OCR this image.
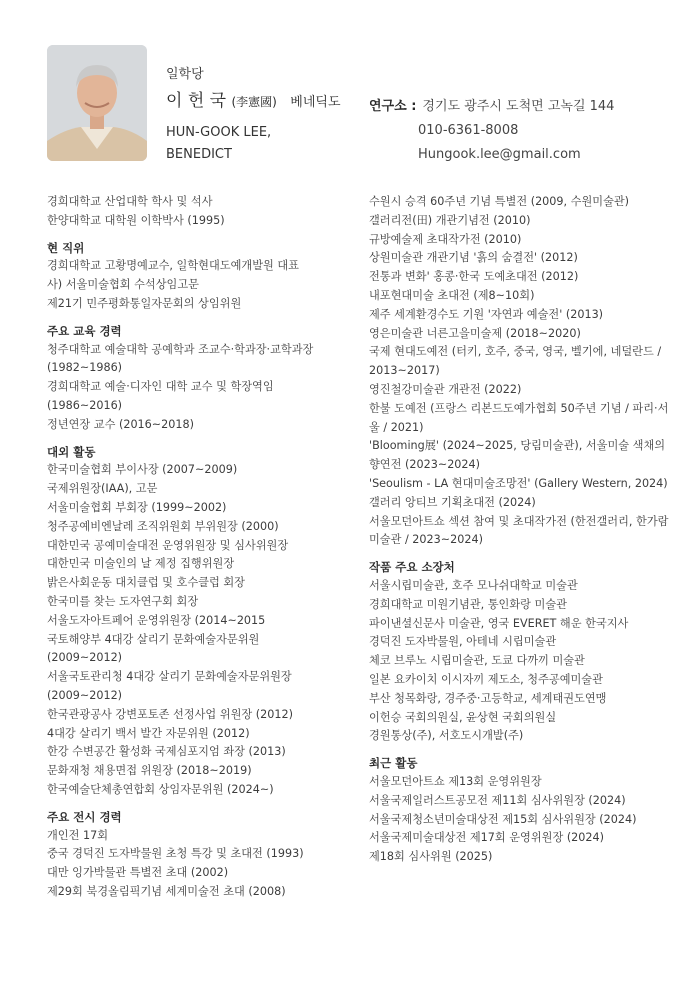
일학당
이 헌 국 (李憲國) 베네딕도
HUN-GOOK LEE,
BENEDICT
연구소 : 경기도 광주시 도척면 고녹길 144
010-6361-8008
Hungook.lee@gmail.com
경희대학교 산업대학 학사 및 석사
한양대학교 대학원 이학박사 (1995)
현 직위
경희대학교 고황명예교수, 일학현대도예개발원 대표
사) 서울미술협회 수석상임고문
제21기 민주평화통일자문회의 상임위원
주요 교육 경력
청주대학교 예술대학 공예학과 조교수·학과장·교학과장
(1982~1986)
경희대학교 예술·디자인 대학 교수 및 학장역임
(1986~2016)
정년연장 교수 (2016~2018)
대외 활동
한국미술협회 부이사장 (2007~2009)
국제위원장(IAA), 고문
서울미술협회 부회장 (1999~2002)
청주공예비엔날레 조직위원회 부위원장 (2000)
대한민국 공예미술대전 운영위원장 및 심사위원장
대한민국 미술인의 날 제정 집행위원장
밝은사회운동 대치클럽 및 호수클럽 회장
한국미를 찾는 도자연구회 회장
서울도자아트페어 운영위원장 (2014~2015
국토해양부 4대강 살리기 문화예술자문위원
(2009~2012)
서울국토관리청 4대강 살리기 문화예술자문위원장
(2009~2012)
한국관광공사 강변포토존 선정사업 위원장 (2012)
4대강 살리기 백서 발간 자문위원 (2012)
한강 수변공간 활성화 국제심포지엄 좌장 (2013)
문화재청 채용면접 위원장 (2018~2019)
한국예술단체총연합회 상임자문위원 (2024~)
주요 전시 경력
개인전 17회
중국 경덕진 도자박물원 초청 특강 및 초대전 (1993)
대만 잉가박물관 특별전 초대 (2002)
제29회 북경올림픽기념 세계미술전 초대 (2008)
수원시 승격 60주년 기념 특별전 (2009, 수원미술관)
갤러리전(田) 개관기념전 (2010)
규방예술제 초대작가전 (2010)
상원미술관 개관기념 '흙의 숨결전' (2012)
전통과 변화' 홍콩·한국 도예초대전 (2012)
내포현대미술 초대전 (제8~10회)
제주 세계환경수도 기원 '자연과 예술전' (2013)
영은미술관 너른고을미술제 (2018~2020)
국제 현대도예전 (터키, 호주, 중국, 영국, 벨기에, 네덜란드 / 2013~2017)
영진철강미술관 개관전 (2022)
한불 도예전 (프랑스 리본드도예가협회 50주년 기념 / 파리·서울 / 2021)
'Blooming展' (2024~2025, 당림미술관), 서울미술 색채의 향연전 (2023~2024)
'Seoulism - LA 현대미술조망전' (Gallery Western, 2024)
갤러리 앙티브 기획초대전 (2024)
서울모던아트쇼 섹션 참여 및 초대작가전 (한전갤러리, 한가람미술관 / 2023~2024)
작품 주요 소장처
서울시립미술관, 호주 모나쉬대학교 미술관
경희대학교 미원기념관, 통인화랑 미술관
파이낸셜신문사 미술관, 영국 EVERET 해운 한국지사
경덕진 도자박물원, 아테네 시립미술관
체코 브루노 시립미술관, 도쿄 다까끼 미술관
일본 요카이치 이시자끼 제도소, 청주공예미술관
부산 청목화랑, 경주중·고등학교, 세계태권도연맹
이헌승 국회의원실, 윤상현 국회의원실
경원통상(주), 서호도시개발(주)
최근 활동
서울모던아트쇼 제13회 운영위원장
서울국제일러스트공모전 제11회 심사위원장 (2024)
서울국제청소년미술대상전 제15회 심사위원장 (2024)
서울국제미술대상전 제17회 운영위원장 (2024)
제18회 심사위원 (2025)
